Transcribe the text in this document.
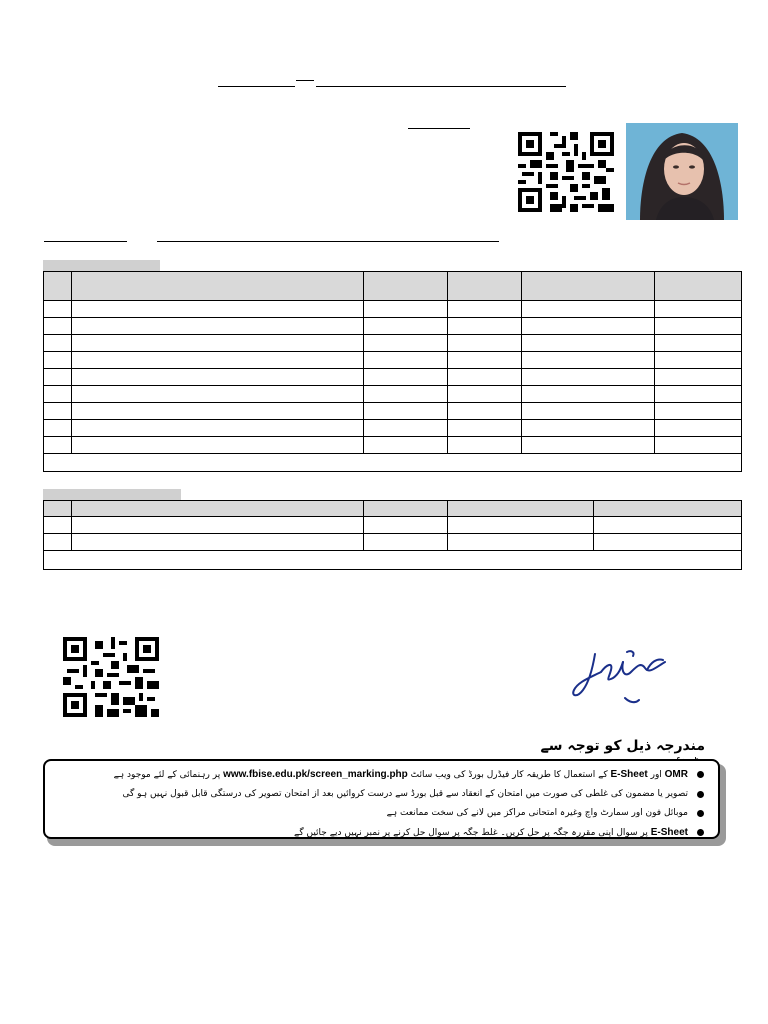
مندرجہ ذیل کو توجہ سے
OMR اور E-Sheet کے استعمال کا طریقہ کار فیڈرل بورڈ کی ویب سائٹ www.fbise.edu.pk/screen_marking.php پر رہنمائی کے لئے موجود ہے
تصویر یا مضمون کی غلطی کی صورت میں امتحان کے انعقاد سے قبل بورڈ سے درست کروائیں بعد از امتحان تصویر کی درستگی قابل قبول نہیں ہو گی
موبائل فون اور سمارٹ واچ وغیرہ امتحانی مراکز میں لانے کی سخت ممانعت ہے
E-Sheet پر سوال اپنی مقررہ جگہ پر حل کریں۔ غلط جگہ پر سوال حل کرنے پر نمبر نہیں دیے جائیں گے
